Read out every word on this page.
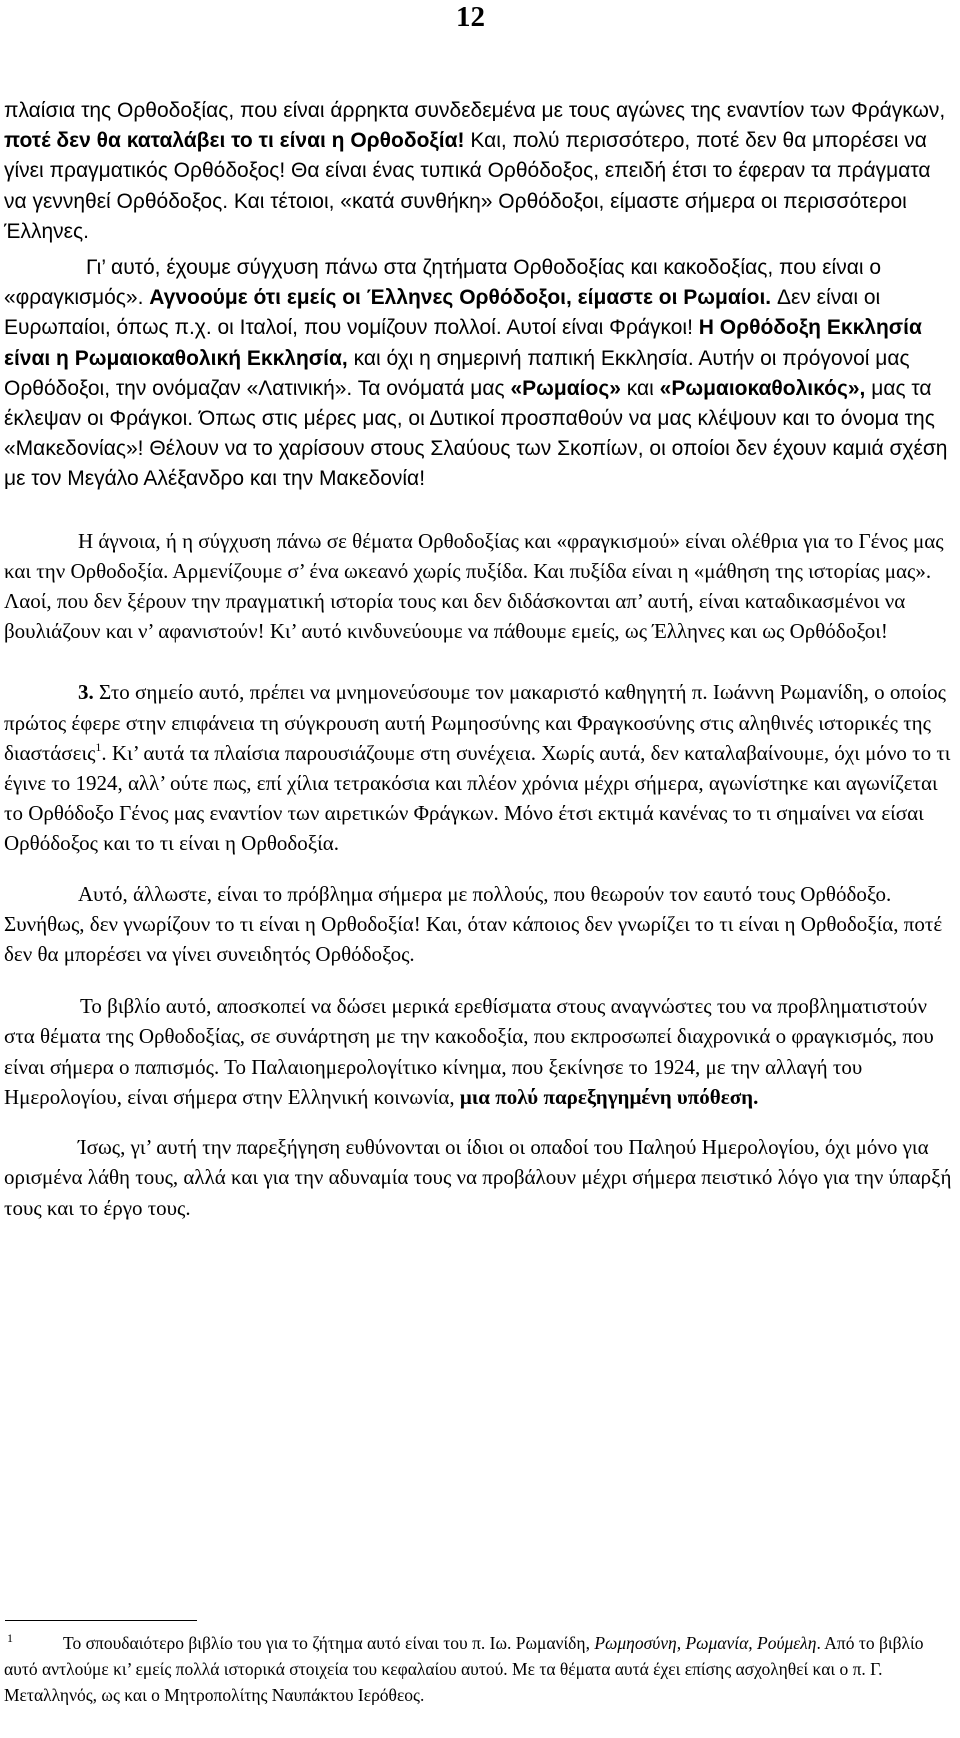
12

πλαίσια της Ορθοδοξίας, που είναι άρρηκτα συνδεδεμένα με τους αγώνες της εναντίον των Φράγκων, ποτέ δεν θα καταλάβει το τι είναι η Ορθοδοξία! Και, πολύ περισσότερο, ποτέ δεν θα μπορέσει να γίνει πραγματικός Ορθόδοξος! Θα είναι ένας τυπικά Ορθόδοξος, επειδή έτσι το έφεραν τα πράγματα να γεννηθεί Ορθόδοξος. Και τέτοιοι, «κατά συνθήκη» Ορθόδοξοι, είμαστε σήμερα οι περισσότεροι Έλληνες.

Γι’ αυτό, έχουμε σύγχυση πάνω στα ζητήματα Ορθοδοξίας και κακοδοξίας, που είναι ο «φραγκισμός». Αγνοούμε ότι εμείς οι Έλληνες Ορθόδοξοι, είμαστε οι Ρωμαίοι. Δεν είναι οι Ευρωπαίοι, όπως π.χ. οι Ιταλοί, που νομίζουν πολλοί. Αυτοί είναι Φράγκοι! Η Ορθόδοξη Εκκλησία είναι η Ρωμαιοκαθολική Εκκλησία, και όχι η σημερινή παπική Εκκλησία. Αυτήν οι πρόγονοί μας Ορθόδοξοι, την ονόμαζαν «Λατινική». Τα ονόματά μας «Ρωμαίος» και «Ρωμαιοκαθολικός», μας τα έκλεψαν οι Φράγκοι. Όπως στις μέρες μας, οι Δυτικοί προσπαθούν να μας κλέψουν και το όνομα της «Μακεδονίας»! Θέλουν να το χαρίσουν στους Σλαύους των Σκοπίων, οι οποίοι δεν έχουν καμιά σχέση με τον Μεγάλο Αλέξανδρο και την Μακεδονία!

Η άγνοια, ή η σύγχυση πάνω σε θέματα Ορθοδοξίας και «φραγκισμού» είναι ολέθρια για το Γένος μας και την Ορθοδοξία. Αρμενίζουμε σ’ ένα ωκεανό χωρίς πυξίδα. Και πυξίδα είναι η «μάθηση της ιστορίας μας». Λαοί, που δεν ξέρουν την πραγματική ιστορία τους και δεν διδάσκονται απ’ αυτή, είναι καταδικασμένοι να βουλιάζουν και ν’ αφανιστούν! Κι’ αυτό κινδυνεύουμε να πάθουμε εμείς, ως Έλληνες και ως Ορθόδοξοι!

3. Στο σημείο αυτό, πρέπει να μνημονεύσουμε τον μακαριστό καθηγητή π. Ιωάννη Ρωμανίδη, ο οποίος πρώτος έφερε στην επιφάνεια τη σύγκρουση αυτή Ρωμηοσύνης και Φραγκοσύνης στις αληθινές ιστορικές της διαστάσεις$^1$. Κι’ αυτά τα πλαίσια παρουσιάζουμε στη συνέχεια. Χωρίς αυτά, δεν καταλαβαίνουμε, όχι μόνο το τι έγινε το 1924, αλλ’ ούτε πως, επί χίλια τετρακόσια και πλέον χρόνια μέχρι σήμερα, αγωνίστηκε και αγωνίζεται το Ορθόδοξο Γένος μας εναντίον των αιρετικών Φράγκων. Μόνο έτσι εκτιμά κανένας το τι σημαίνει να είσαι Ορθόδοξος και το τι είναι η Ορθοδοξία.

Αυτό, άλλωστε, είναι το πρόβλημα σήμερα με πολλούς, που θεωρούν τον εαυτό τους Ορθόδοξο. Συνήθως, δεν γνωρίζουν το τι είναι η Ορθοδοξία! Και, όταν κάποιος δεν γνωρίζει το τι είναι η Ορθοδοξία, ποτέ δεν θα μπορέσει να γίνει συνειδητός Ορθόδοξος.

Το βιβλίο αυτό, αποσκοπεί να δώσει μερικά ερεθίσματα στους αναγνώστες του να προβληματιστούν στα θέματα της Ορθοδοξίας, σε συνάρτηση με την κακοδοξία, που εκπροσωπεί διαχρονικά ο φραγκισμός, που είναι σήμερα ο παπισμός. Το Παλαιοημερολογίτικο κίνημα, που ξεκίνησε το 1924, με την αλλαγή του Ημερολογίου, είναι σήμερα στην Ελληνική κοινωνία, μια πολύ παρεξηγημένη υπόθεση.

Ίσως, γι’ αυτή την παρεξήγηση ευθύνονται οι ίδιοι οι οπαδοί του Παληού Ημερολογίου, όχι μόνο για ορισμένα λάθη τους, αλλά και για την αδυναμία τους να προβάλουν μέχρι σήμερα πειστικό λόγο για την ύπαρξή τους και το έργο τους.

1	Το σπουδαιότερο βιβλίο του για το ζήτημα αυτό είναι του π. Ιω. Ρωμανίδη, Ρωμηοσύνη, Ρωμανία, Ρούμελη. Από το βιβλίο αυτό αντλούμε κι’ εμείς πολλά ιστορικά στοιχεία του κεφαλαίου αυτού. Με τα θέματα αυτά έχει επίσης ασχοληθεί και ο π. Γ. Μεταλληνός, ως και ο Μητροπολίτης Ναυπάκτου Ιερόθεος.
